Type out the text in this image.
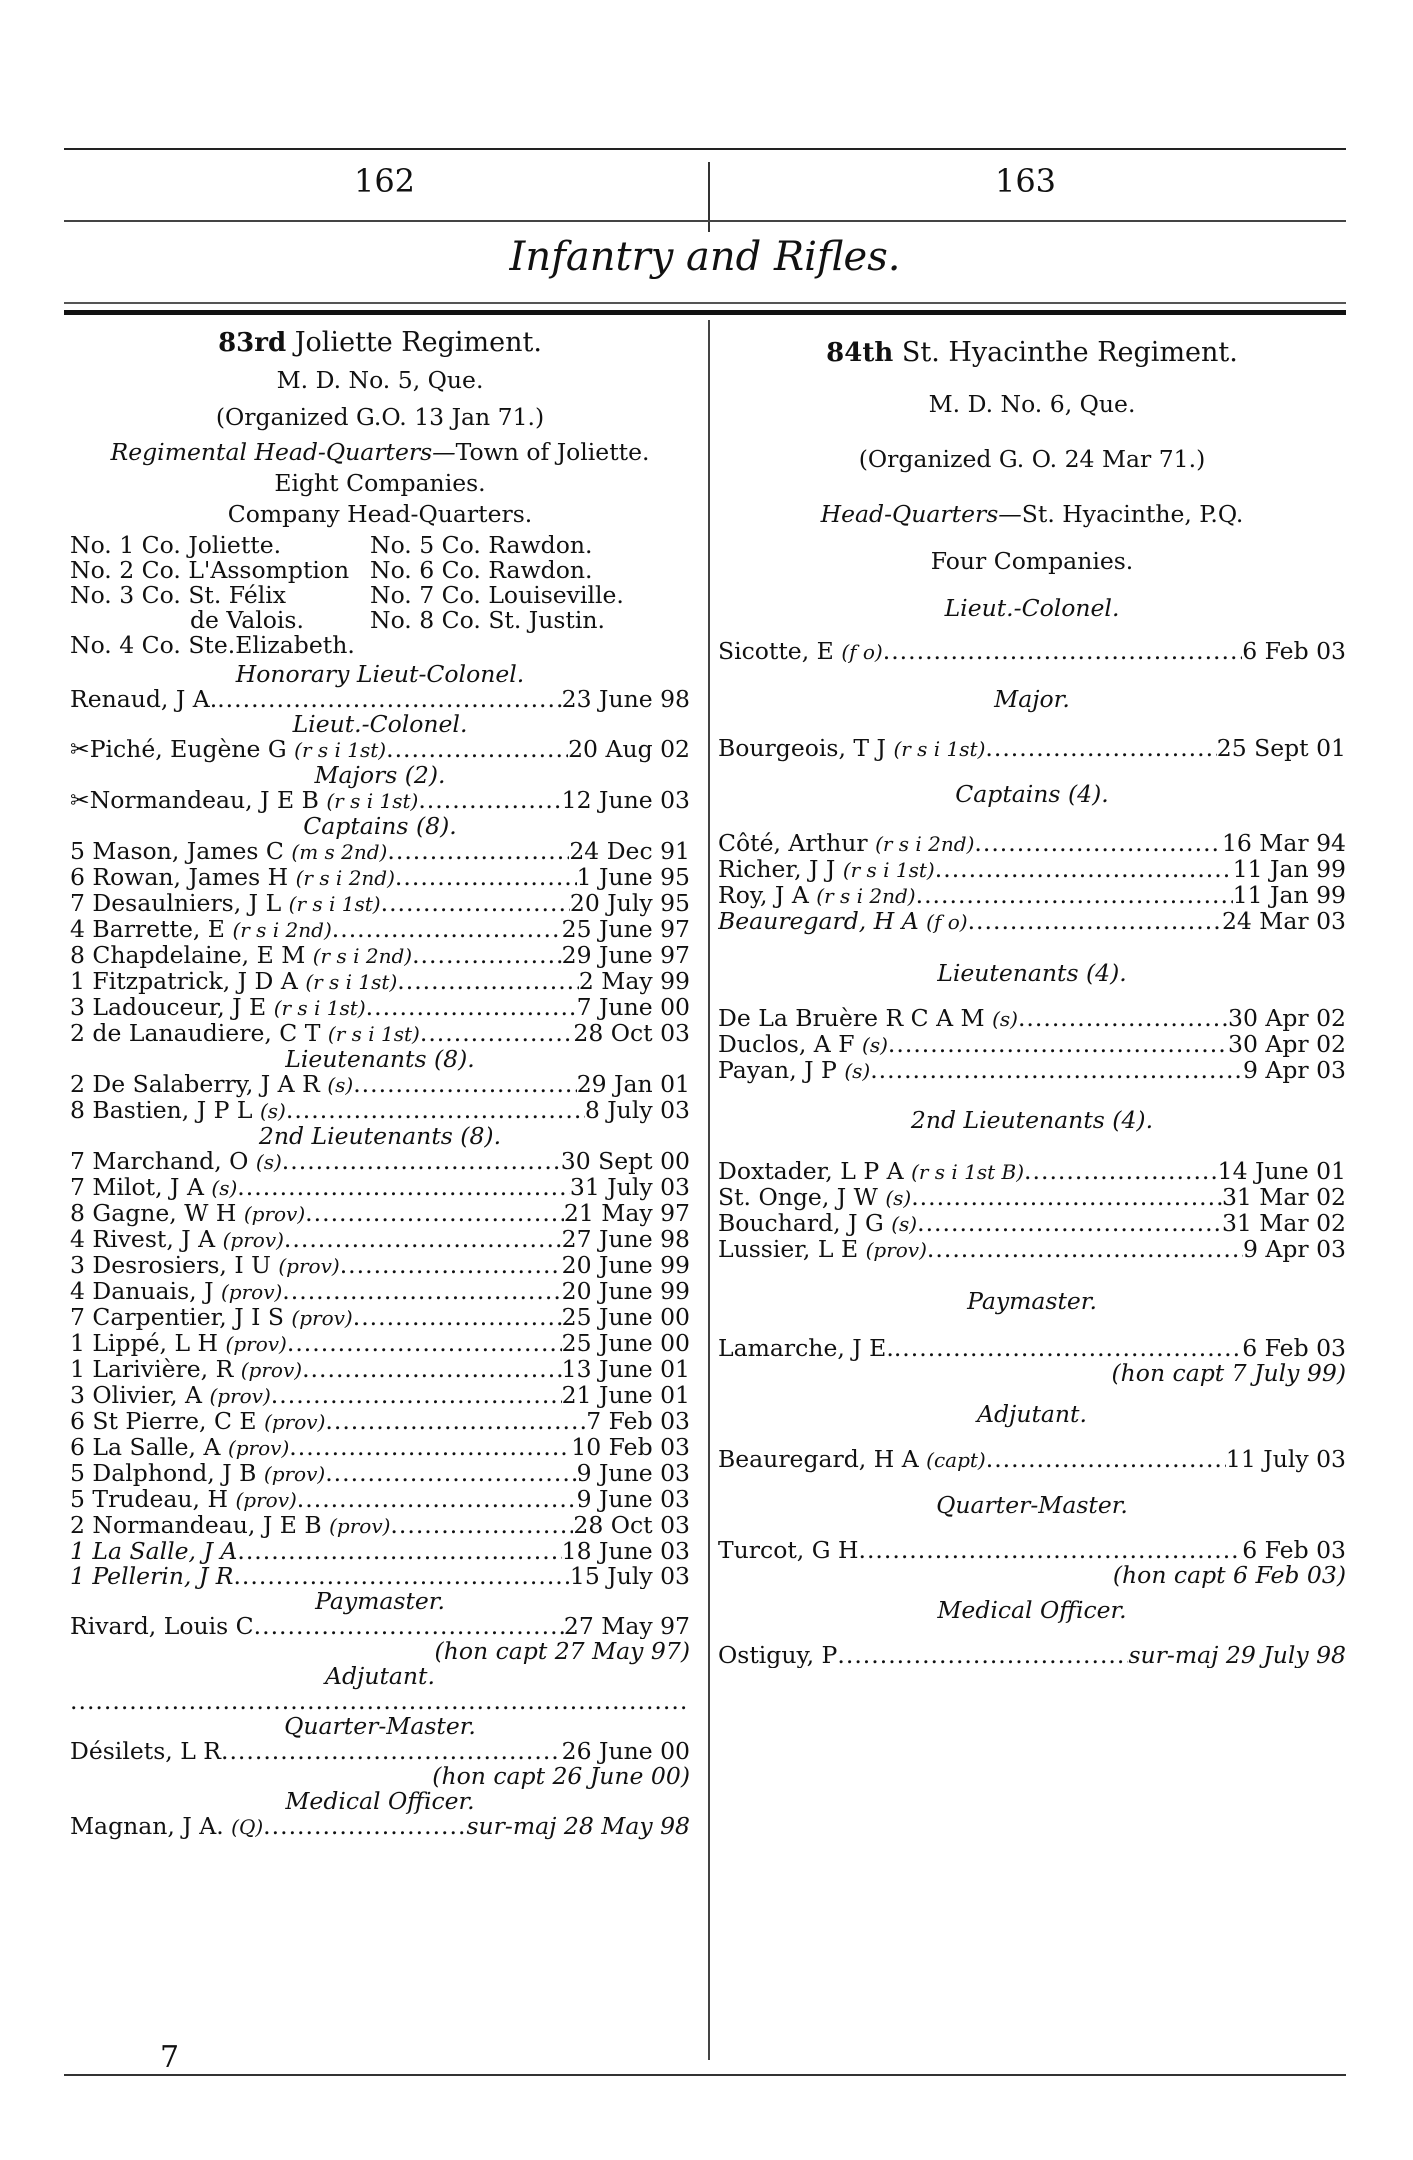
162	163
Infantry and Rifles.
83rd Joliette Regiment.
M. D. No. 5, Que.
(Organized G.O. 13 Jan 71.)
Regimental Head-Quarters—Town of Joliette.
Eight Companies.
Company Head-Quarters.
No. 1 Co. Joliette.	No. 5 Co. Rawdon.
No. 2 Co. L'Assomption No. 6 Co. Rawdon.
No. 3 Co. St. Félix	No. 7 Co. Louiseville.
de Valois.	No. 8 Co. St. Justin.
No. 4 Co. Ste.Elizabeth.
Honorary Lieut-Colonel.
Renaud, J A. .....	23 June 98
Lieut.-Colonel.
✂Piché, Eugène G (r s i 1st) .....	20 Aug 02
Majors (2).
✂Normandeau, J E B (r s i 1st) .....	12 June 03
Captains (8).
5 Mason, James C (m s 2nd) .....	24 Dec 91
6 Rowan, James H (r s i 2nd) .....	1 June 95
7 Desaulniers, J L (r s i 1st) .....	20 July 95
4 Barrette, E (r s i 2nd) .....	25 June 97
8 Chapdelaine, E M (r s i 2nd) .....	29 June 97
1 Fitzpatrick, J D A (r s i 1st) .....	2 May 99
3 Ladouceur, J E (r s i 1st) .....	7 June 00
2 de Lanaudiere, C T (r s i 1st) .....	28 Oct 03
Lieutenants (8).
2 De Salaberry, J A R (s) .....	29 Jan 01
8 Bastien, J P L (s) .....	8 July 03
2nd Lieutenants (8).
7 Marchand, O (s) .....	30 Sept 00
7 Milot, J A (s) .....	31 July 03
8 Gagne, W H (prov) .....	21 May 97
4 Rivest, J A (prov) .....	27 June 98
3 Desrosiers, I U (prov) .....	20 June 99
4 Danuais, J (prov) .....	20 June 99
7 Carpentier, J I S (prov) .....	25 June 00
1 Lippé, L H (prov) .....	25 June 00
1 Larivière, R (prov) .....	13 June 01
3 Olivier, A (prov) .....	21 June 01
6 St Pierre, C E (prov) .....	7 Feb 03
6 La Salle, A (prov) .....	10 Feb 03
5 Dalphond, J B (prov) .....	9 June 03
5 Trudeau, H (prov) .....	9 June 03
2 Normandeau, J E B (prov) .....	28 Oct 03
1 La Salle, J A .....	18 June 03
1 Pellerin, J R .....	15 July 03
Paymaster.
Rivard, Louis C .....	27 May 97
(hon capt 27 May 97)
Adjutant.
.....
Quarter-Master.
Désilets, L R .....	26 June 00
(hon capt 26 June 00)
Medical Officer.
Magnan, J A. (Q) .....	sur-maj 28 May 98
84th St. Hyacinthe Regiment.
M. D. No. 6, Que.
(Organized G. O. 24 Mar 71.)
Head-Quarters—St. Hyacinthe, P.Q.
Four Companies.
Lieut.-Colonel.
Sicotte, E (f o) .....	6 Feb 03
Major.
Bourgeois, T J (r s i 1st) .....	25 Sept 01
Captains (4).
Côté, Arthur (r s i 2nd) .....	16 Mar 94
Richer, J J (r s i 1st) .....	11 Jan 99
Roy, J A (r s i 2nd) .....	11 Jan 99
Beauregard, H A (f o) .....	24 Mar 03
Lieutenants (4).
De La Bruère R C A M (s) .....	30 Apr 02
Duclos, A F (s) .....	30 Apr 02
Payan, J P (s) .....	9 Apr 03
2nd Lieutenants (4).
Doxtader, L P A (r s i 1st B) .....	14 June 01
St. Onge, J W (s) .....	31 Mar 02
Bouchard, J G (s) .....	31 Mar 02
Lussier, L E (prov) .....	9 Apr 03
Paymaster.
Lamarche, J E. .....	6 Feb 03
(hon capt 7 July 99)
Adjutant.
Beauregard, H A (capt) .....	11 July 03
Quarter-Master.
Turcot, G H .....	6 Feb 03
(hon capt 6 Feb 03)
Medical Officer.
Ostiguy, P .....	sur-maj 29 July 98
7
